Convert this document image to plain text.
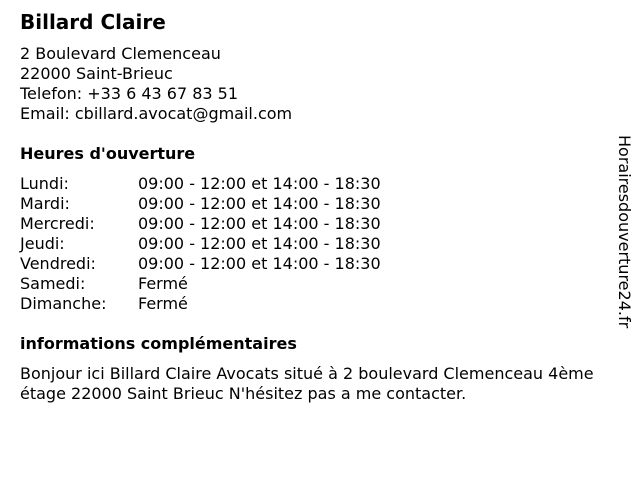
Billard Claire
2 Boulevard Clemenceau
22000 Saint-Brieuc
Telefon: +33 6 43 67 83 51
Email: cbillard.avocat@gmail.com
Heures d'ouverture
Lundi:	09:00 - 12:00 et 14:00 - 18:30
Mardi:	09:00 - 12:00 et 14:00 - 18:30
Mercredi:	09:00 - 12:00 et 14:00 - 18:30
Jeudi:	09:00 - 12:00 et 14:00 - 18:30
Vendredi:	09:00 - 12:00 et 14:00 - 18:30
Samedi:	Fermé
Dimanche:	Fermé
informations complémentaires
Bonjour ici Billard Claire Avocats situé à 2 boulevard Clemenceau 4ème étage 22000 Saint Brieuc N'hésitez pas a me contacter.
Horairesdouverture24.fr
